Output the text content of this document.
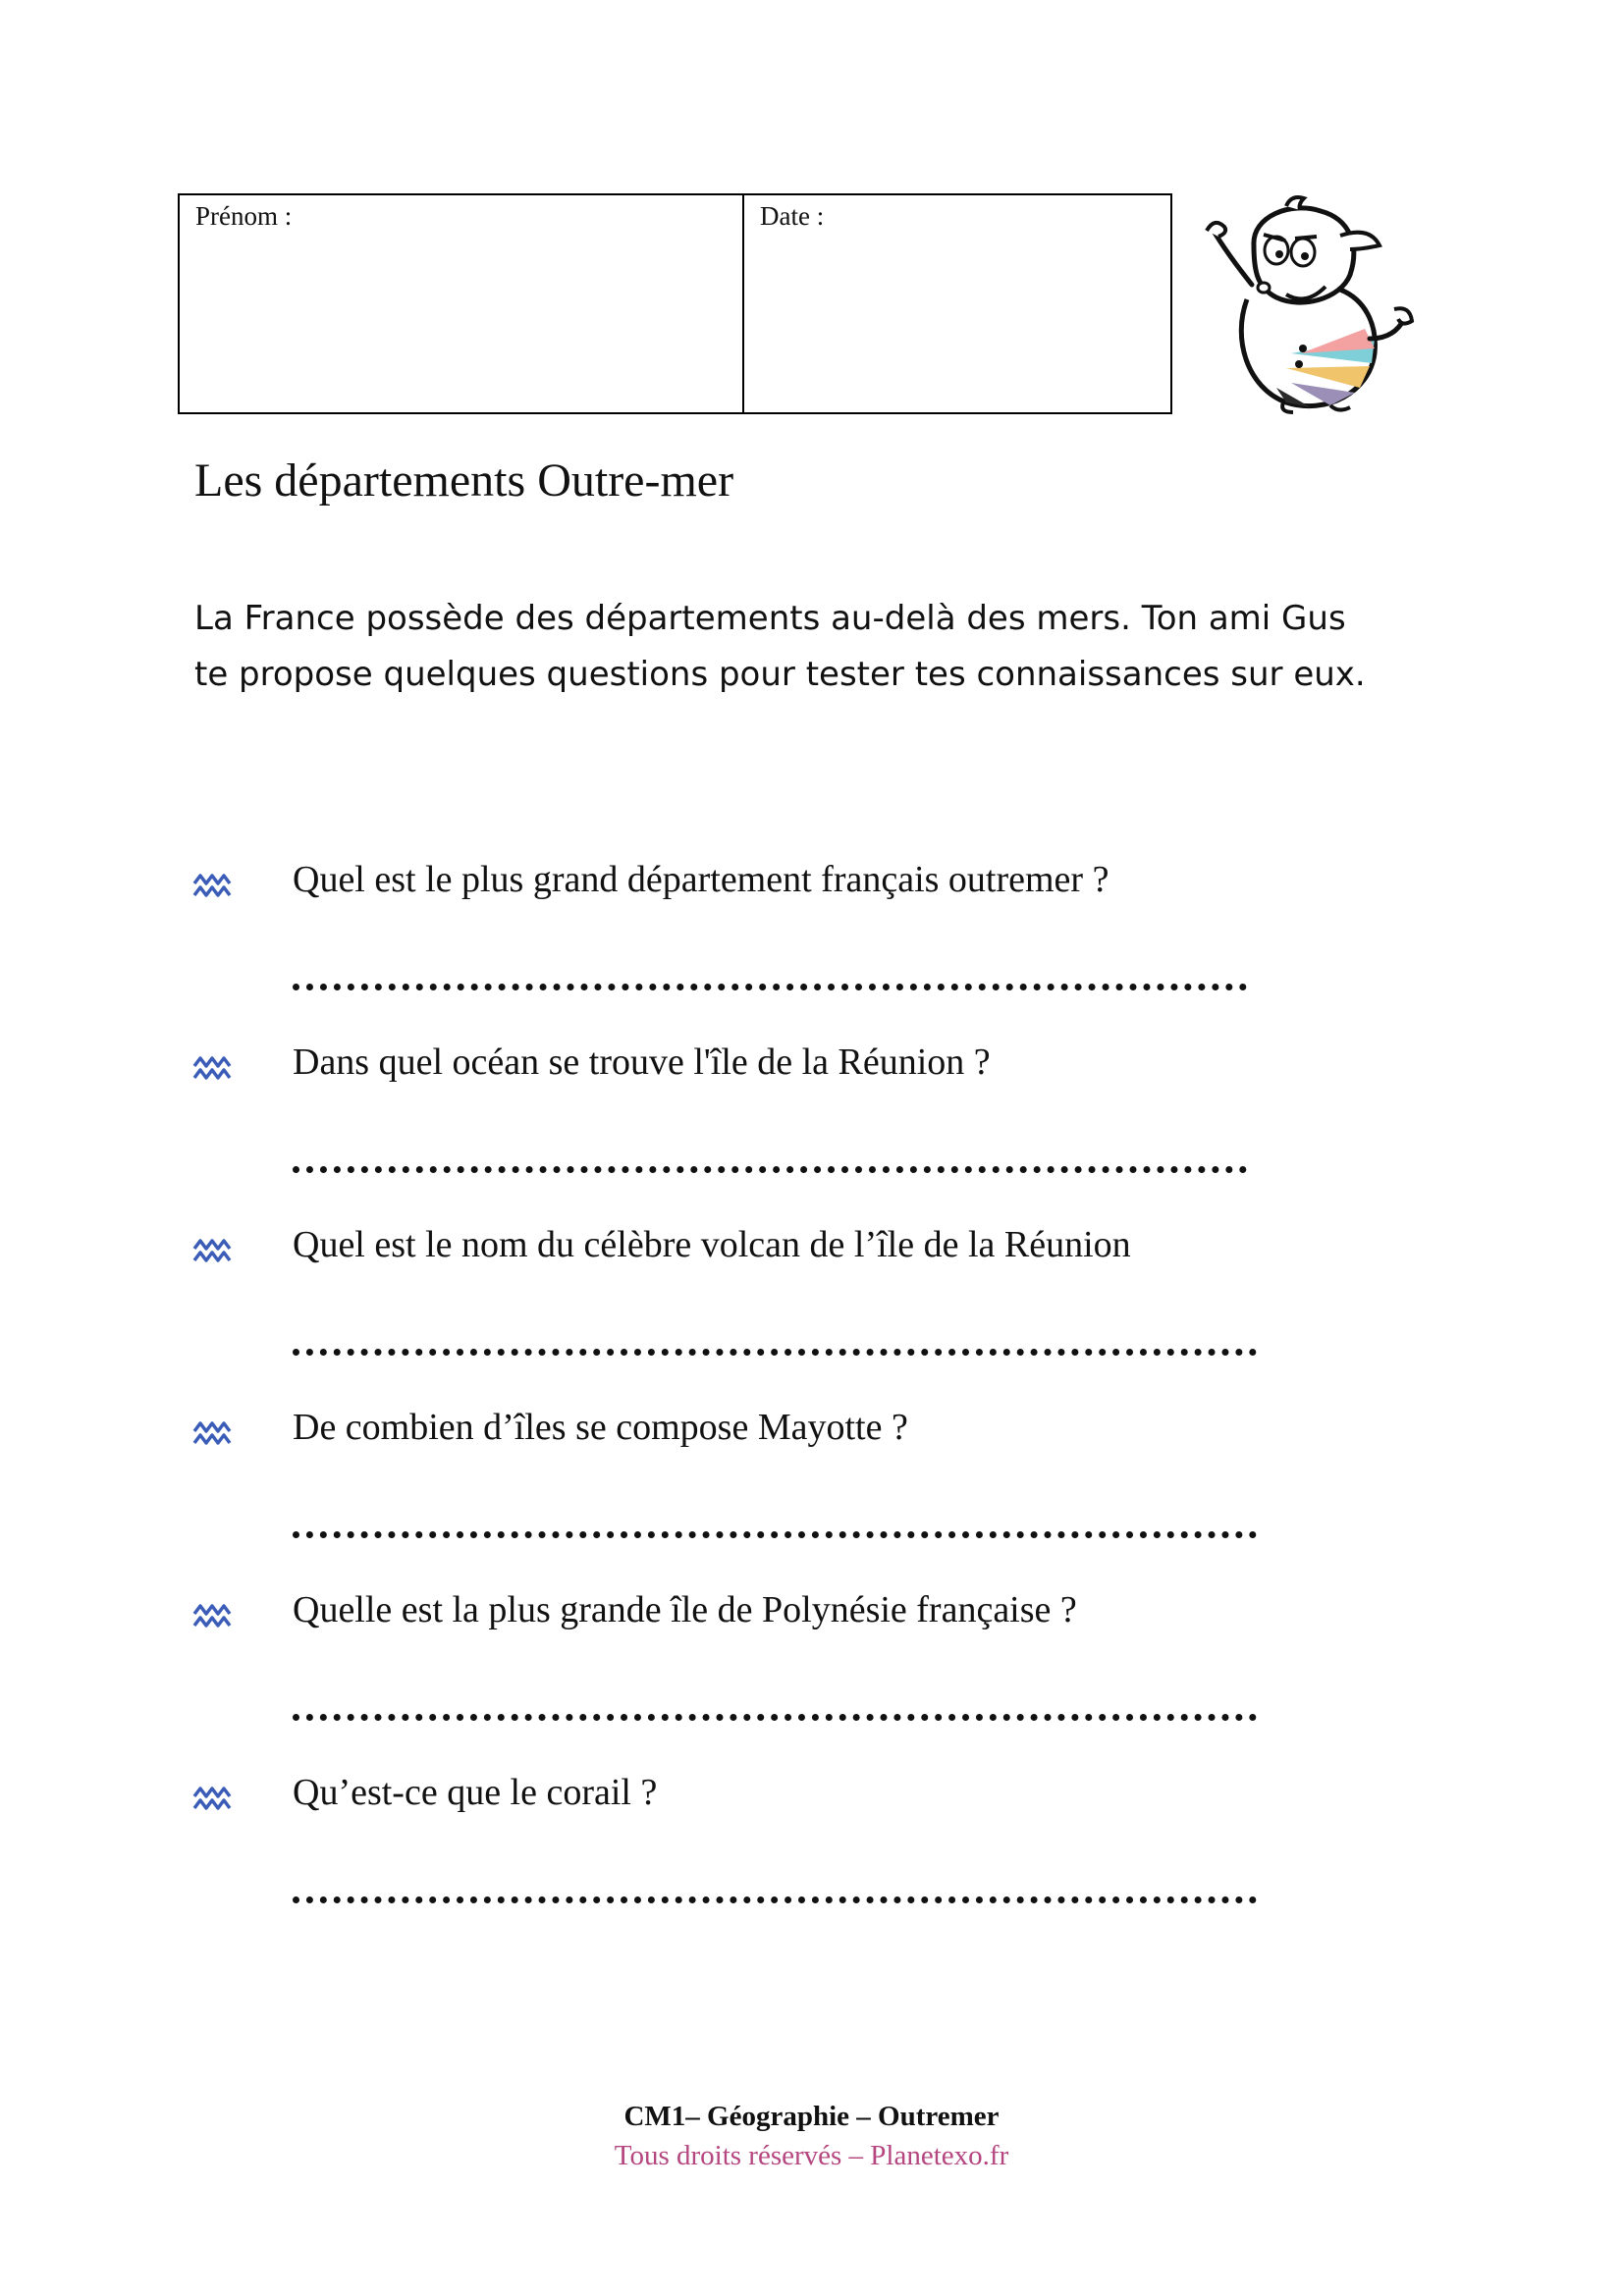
Prénom :	Date :
Les départements Outre-mer

La France possède des départements au-delà des mers. Ton ami Gus

te propose quelques questions pour tester tes connaissances sur eux.

Quel est le plus grand département français outremer ?
Dans quel océan se trouve l'île de la Réunion ?
Quel est le nom du célèbre volcan de l’île de la Réunion
De combien d’îles se compose Mayotte ?
Quelle est la plus grande île de Polynésie française ?
Qu’est-ce que le corail ?
CM1– Géographie – Outremer
Tous droits réservés – Planetexo.fr
